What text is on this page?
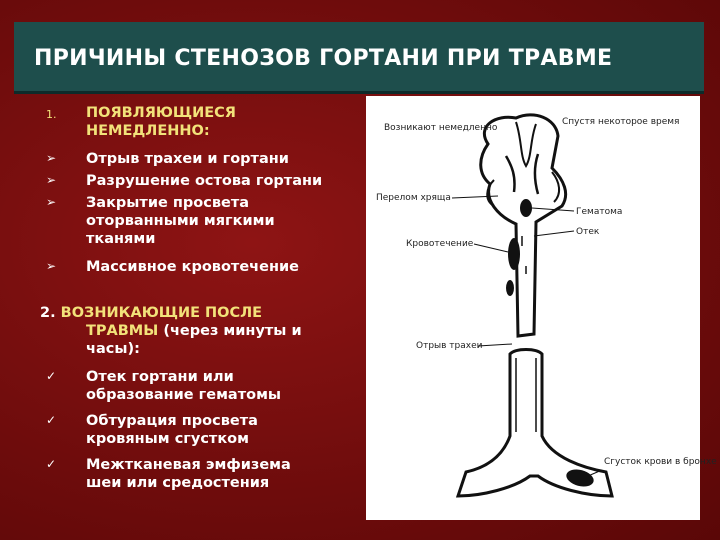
ПРИЧИНЫ СТЕНОЗОВ ГОРТАНИ ПРИ ТРАВМЕ
1. ПОЯВЛЯЮЩИЕСЯ НЕМЕДЛЕННО:
➢ Отрыв трахеи и гортани
➢ Разрушение остова гортани
➢ Закрытие просвета оторванными мягкими тканями
➢ Массивное кровотечение
2. ВОЗНИКАЮЩИЕ ПОСЛЕ
ТРАВМЫ (через минуты и часы):
✓ Отек гортани или образование гематомы
✓ Обтурация просвета кровяным сгустком
✓ Межтканевая эмфизема шеи или средостения
Возникают немедленно
Спустя некоторое время
Перелом хряща
Гематома
Отек
Кровотечение
Отрыв трахеи
Сгусток крови в бронхе
